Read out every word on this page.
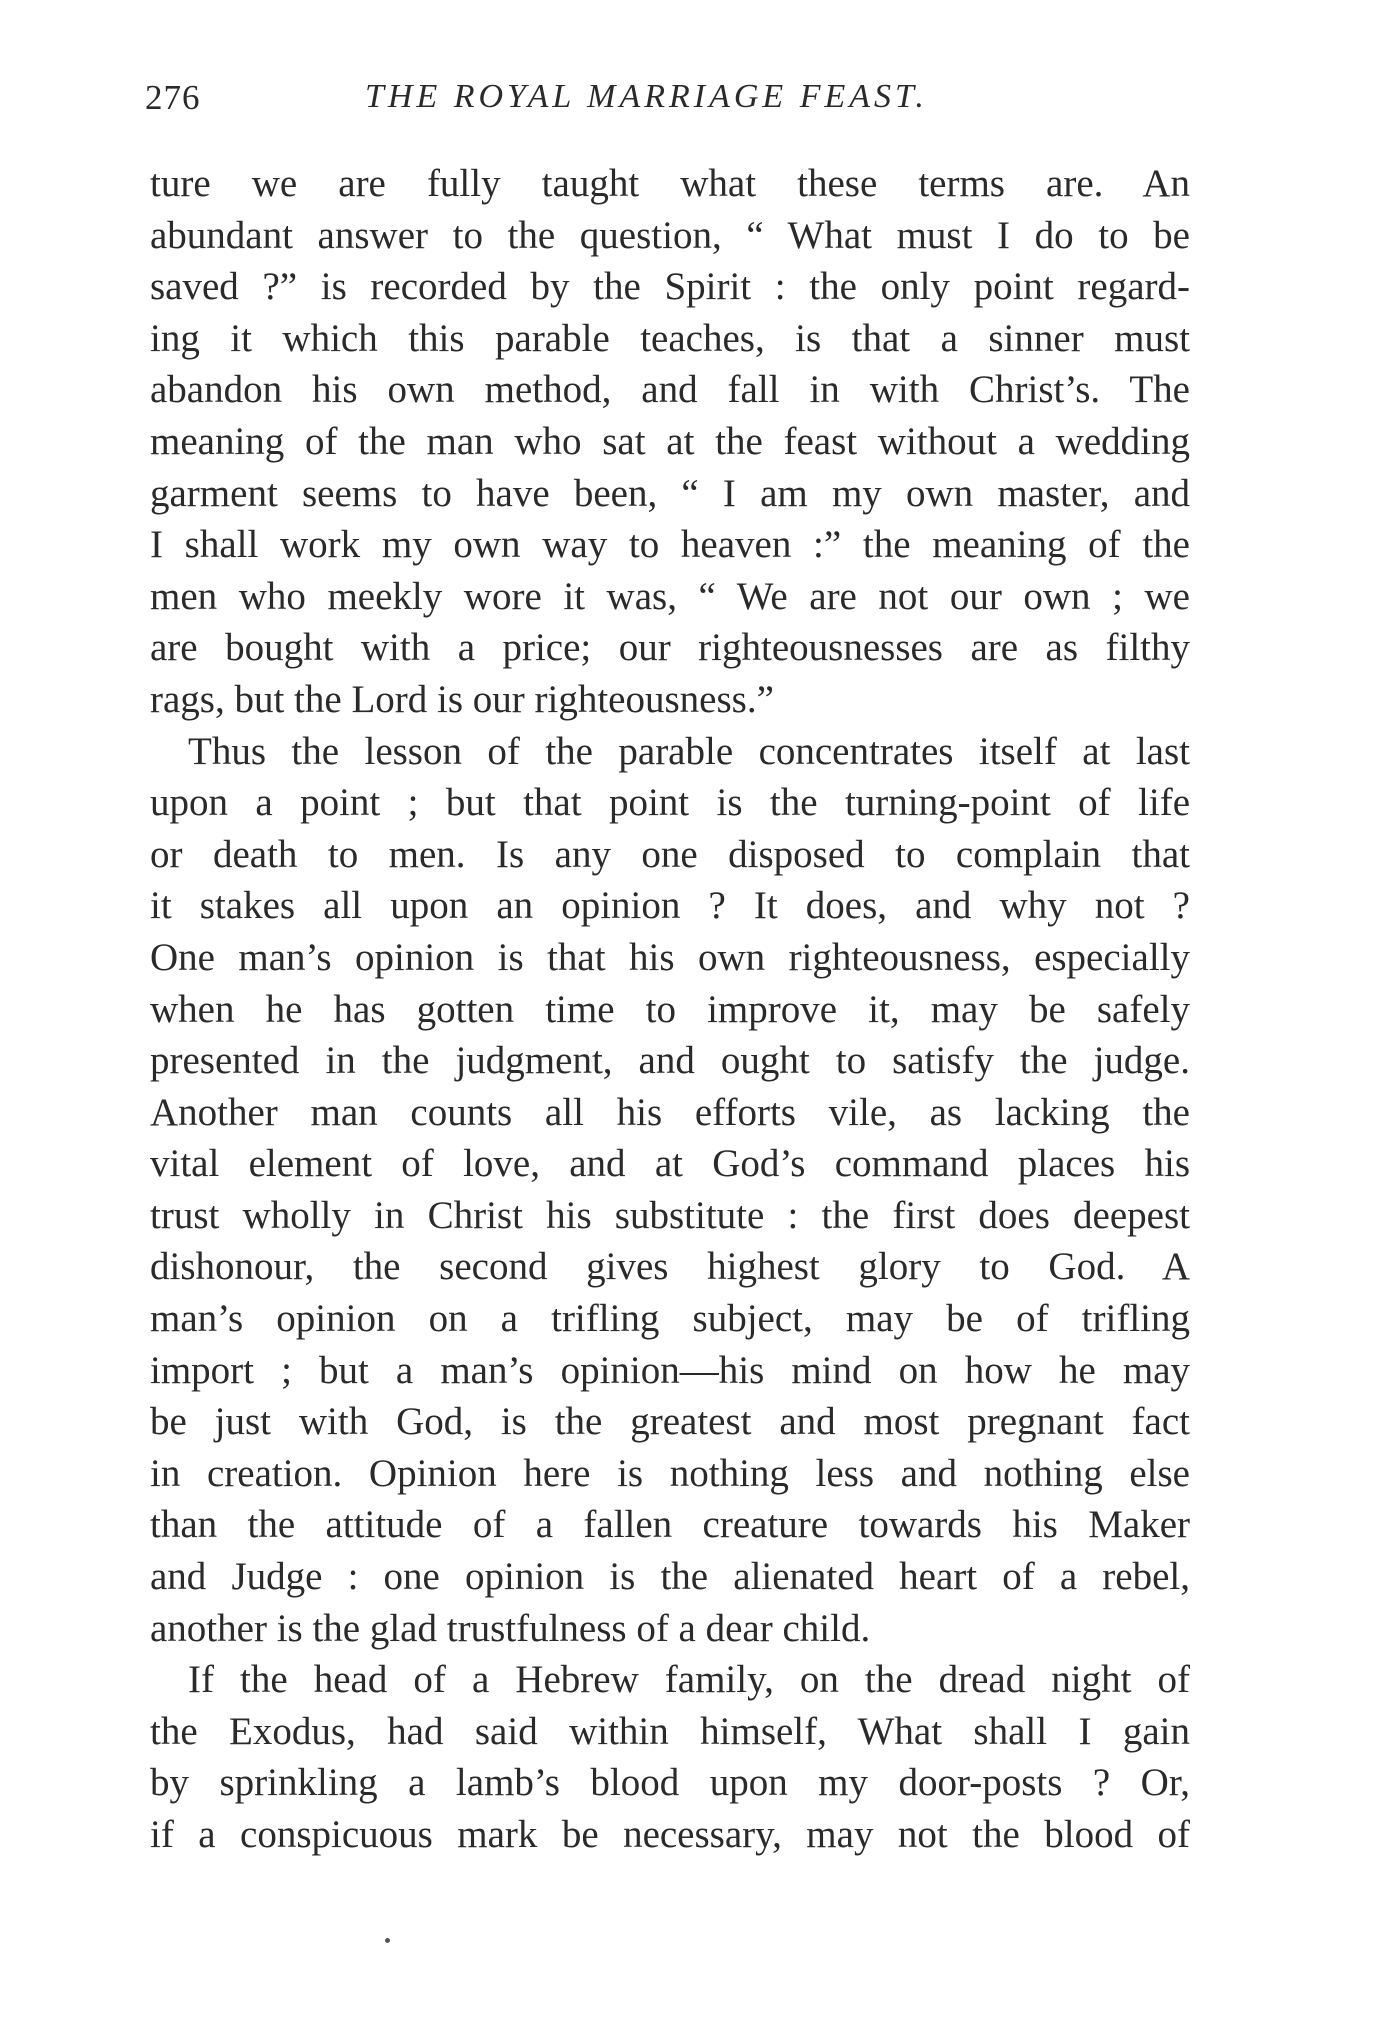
276	THE ROYAL MARRIAGE FEAST.
ture we are fully taught what these terms are. An
abundant answer to the question, “ What must I do to be
saved ?” is recorded by the Spirit : the only point regard-
ing it which this parable teaches, is that a sinner must
abandon his own method, and fall in with Christ’s. The
meaning of the man who sat at the feast without a wedding
garment seems to have been, “ I am my own master, and
I shall work my own way to heaven :” the meaning of the
men who meekly wore it was, “ We are not our own ; we
are bought with a price; our righteousnesses are as filthy
rags, but the Lord is our righteousness.”
Thus the lesson of the parable concentrates itself at last
upon a point ; but that point is the turning-point of life
or death to men. Is any one disposed to complain that
it stakes all upon an opinion ? It does, and why not ?
One man’s opinion is that his own righteousness, especially
when he has gotten time to improve it, may be safely
presented in the judgment, and ought to satisfy the judge.
Another man counts all his efforts vile, as lacking the
vital element of love, and at God’s command places his
trust wholly in Christ his substitute : the first does deepest
dishonour, the second gives highest glory to God. A
man’s opinion on a trifling subject, may be of trifling
import ; but a man’s opinion—his mind on how he may
be just with God, is the greatest and most pregnant fact
in creation. Opinion here is nothing less and nothing else
than the attitude of a fallen creature towards his Maker
and Judge : one opinion is the alienated heart of a rebel,
another is the glad trustfulness of a dear child.
If the head of a Hebrew family, on the dread night of
the Exodus, had said within himself, What shall I gain
by sprinkling a lamb’s blood upon my door-posts ? Or,
if a conspicuous mark be necessary, may not the blood of
